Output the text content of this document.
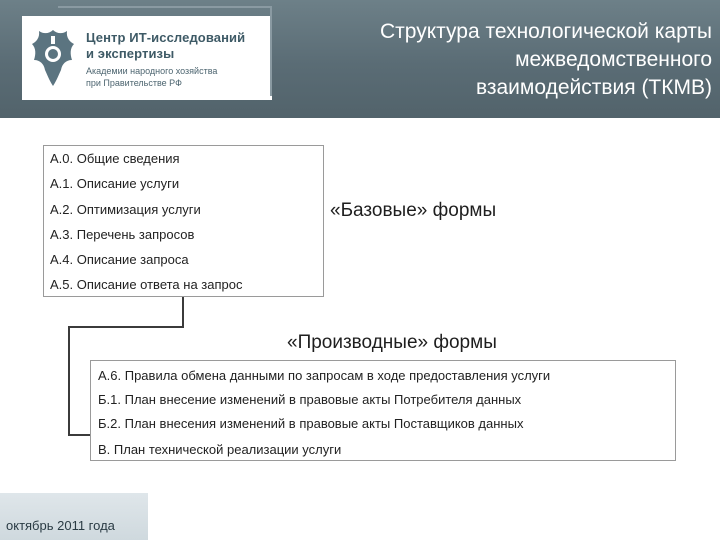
Центр ИТ-исследований
и экспертизы
Академии народного хозяйства
при Правительстве РФ
Структура технологической карты
межведомственного
взаимодействия (ТКМВ)
А.0. Общие сведения
А.1. Описание услуги
А.2. Оптимизация услуги
А.3. Перечень запросов
А.4. Описание запроса
А.5. Описание ответа на запрос
«Базовые» формы
«Производные» формы
А.6. Правила обмена данными по запросам в ходе предоставления услуги
Б.1. План внесение изменений в правовые акты Потребителя данных
Б.2. План внесения изменений в правовые акты Поставщиков данных
В. План технической реализации услуги
октябрь 2011 года
